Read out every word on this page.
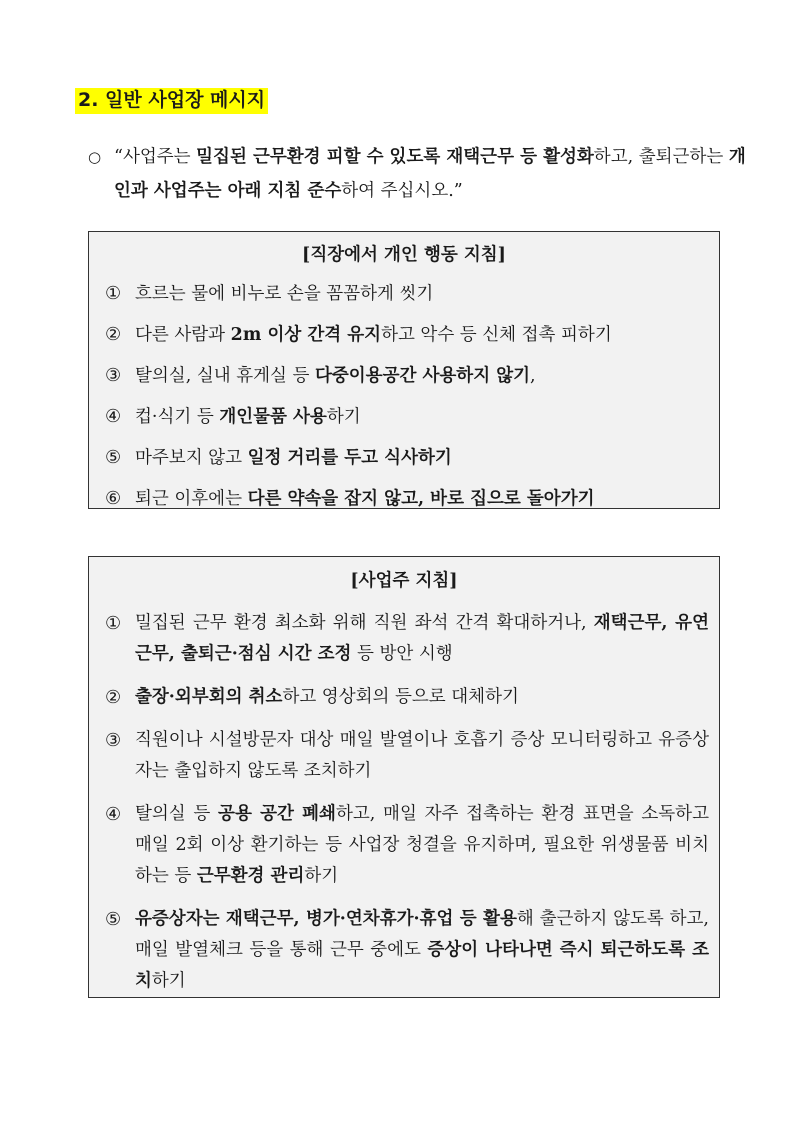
2. 일반 사업장 메시지
○ “사업주는 밀집된 근무환경 피할 수 있도록 재택근무 등 활성화하고, 출퇴근하는 개인과 사업주는 아래 지침 준수하여 주십시오.”
[직장에서 개인 행동 지침]
① 흐르는 물에 비누로 손을 꼼꼼하게 씻기
② 다른 사람과 2m 이상 간격 유지하고 악수 등 신체 접촉 피하기
③ 탈의실, 실내 휴게실 등 다중이용공간 사용하지 않기,
④ 컵·식기 등 개인물품 사용하기
⑤ 마주보지 않고 일정 거리를 두고 식사하기
⑥ 퇴근 이후에는 다른 약속을 잡지 않고, 바로 집으로 돌아가기
[사업주 지침]
① 밀집된 근무 환경 최소화 위해 직원 좌석 간격 확대하거나, 재택근무, 유연근무, 출퇴근·점심 시간 조정 등 방안 시행
② 출장·외부회의 취소하고 영상회의 등으로 대체하기
③ 직원이나 시설방문자 대상 매일 발열이나 호흡기 증상 모니터링하고 유증상자는 출입하지 않도록 조치하기
④ 탈의실 등 공용 공간 폐쇄하고, 매일 자주 접촉하는 환경 표면을 소독하고 매일 2회 이상 환기하는 등 사업장 청결을 유지하며, 필요한 위생물품 비치하는 등 근무환경 관리하기
⑤ 유증상자는 재택근무, 병가·연차휴가·휴업 등 활용해 출근하지 않도록 하고, 매일 발열체크 등을 통해 근무 중에도 증상이 나타나면 즉시 퇴근하도록 조치하기
